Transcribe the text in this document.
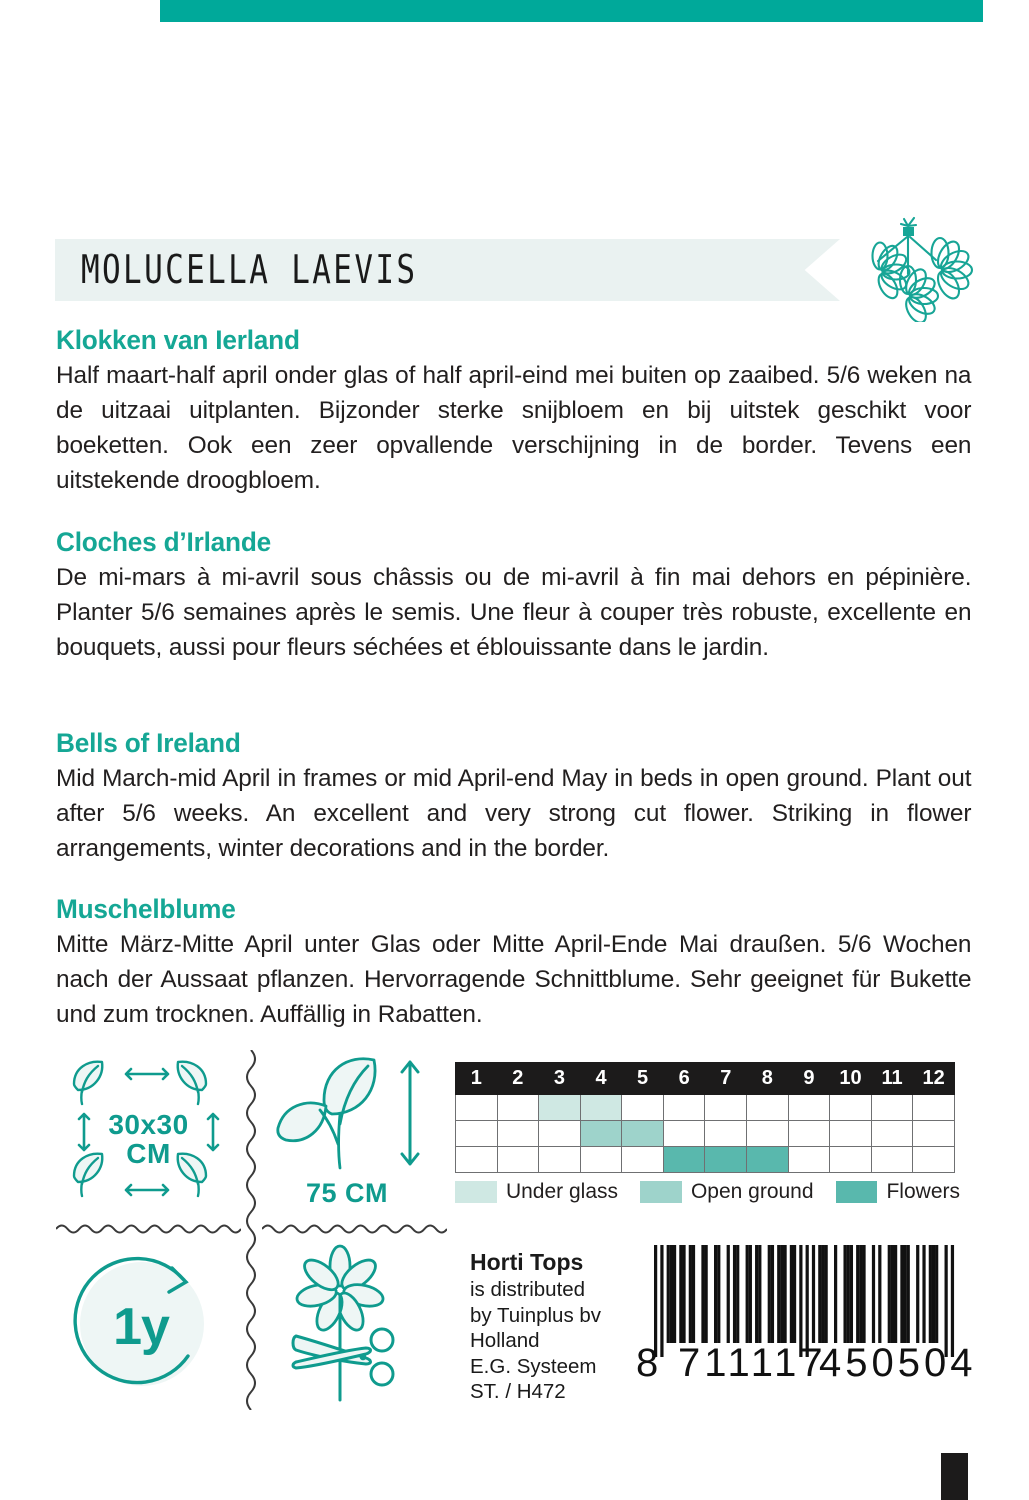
MOLUCELLA LAEVIS
Klokken van Ierland

Half maart-half april onder glas of half april-eind mei buiten op zaaibed. 5/6 weken na de uitzaai uitplanten. Bijzonder sterke snijbloem en bij uitstek geschikt voor boeketten. Ook een zeer opvallende verschijning in de border. Tevens een uitstekende droogbloem.

Cloches d’Irlande

De mi-mars à mi-avril sous châssis ou de mi-avril à fin mai dehors en pépinière. Planter 5/6 semaines après le semis. Une fleur à couper très robuste, excellente en bouquets, aussi pour fleurs séchées et éblouissante dans le jardin.

Bells of Ireland

Mid March-mid April in frames or mid April-end May in beds in open ground. Plant out after 5/6 weeks. An excellent and very strong cut flower. Striking in flower arrangements, winter decorations and in the border.

Muschelblume

Mitte März-Mitte April unter Glas oder Mitte April-Ende Mai draußen. 5/6 Wochen nach der Aussaat pflanzen. Hervorragende Schnittblume. Sehr geeignet für Bukette und zum trocknen. Auffällig in Rabatten.

30x30
CM
75 CM
1y
1	2	3	4	5	6	7	8	9	10	11	12

Under glass	Open ground	Flowers
Horti Tops
is distributed
by Tuinplus bv
Holland
E.G. Systeem
ST. / H472
8 711117
450504
